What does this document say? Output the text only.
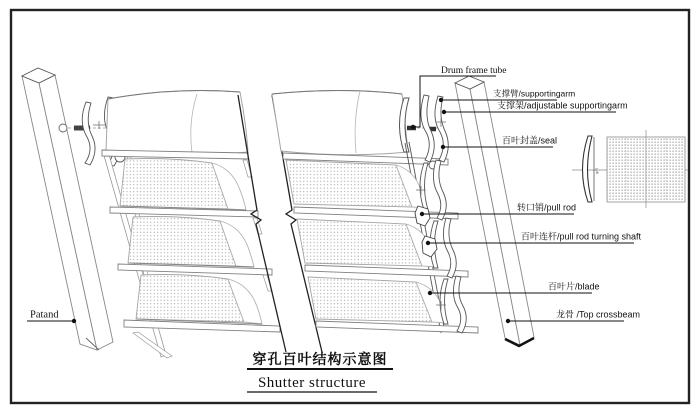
φ/R
Drum frame tube
支撑臂/supportingarm
支撑架/adjustable supportingarm
百叶封盖/seal
转口销/pull rod
百叶连杆/pull rod turning shaft
百叶片/blade
龙骨 /Top crossbeam
Patand
穿孔百叶结构示意图
Shutter structure
